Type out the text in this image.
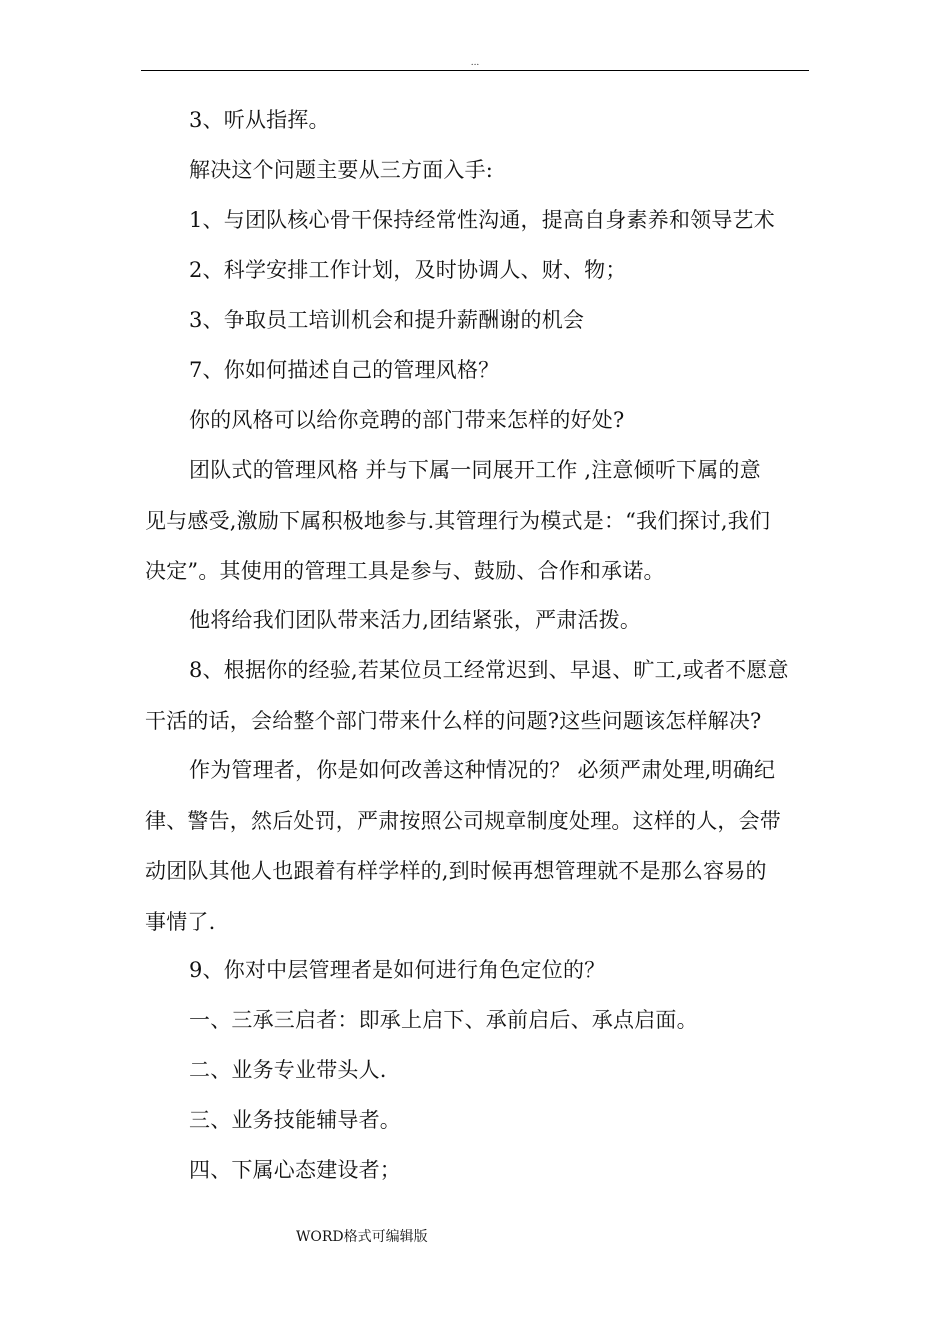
...

3、听从指挥。

解决这个问题主要从三方面入手:

1、与团队核心骨干保持经常性沟通，提高自身素养和领导艺术

2、科学安排工作计划，及时协调人、财、物；

3、争取员工培训机会和提升薪酬谢的机会

7、你如何描述自己的管理风格？

你的风格可以给你竞聘的部门带来怎样的好处?

团队式的管理风格 并与下属一同展开工作 ,注意倾听下属的意
见与感受,激励下属积极地参与.其管理行为模式是：“我们探讨,我们
决定”。其使用的管理工具是参与、鼓励、合作和承诺。

他将给我们团队带来活力,团结紧张，严肃活拨。

8、根据你的经验,若某位员工经常迟到、早退、旷工,或者不愿意
干活的话，会给整个部门带来什么样的问题?这些问题该怎样解决?

作为管理者，你是如何改善这种情况的？ 必须严肃处理,明确纪
律、警告，然后处罚，严肃按照公司规章制度处理。这样的人，会带
动团队其他人也跟着有样学样的,到时候再想管理就不是那么容易的
事情了.

9、你对中层管理者是如何进行角色定位的？

一、三承三启者：即承上启下、承前启后、承点启面。

二、业务专业带头人.

三、业务技能辅导者。

四、下属心态建设者；

WORD格式可编辑版
